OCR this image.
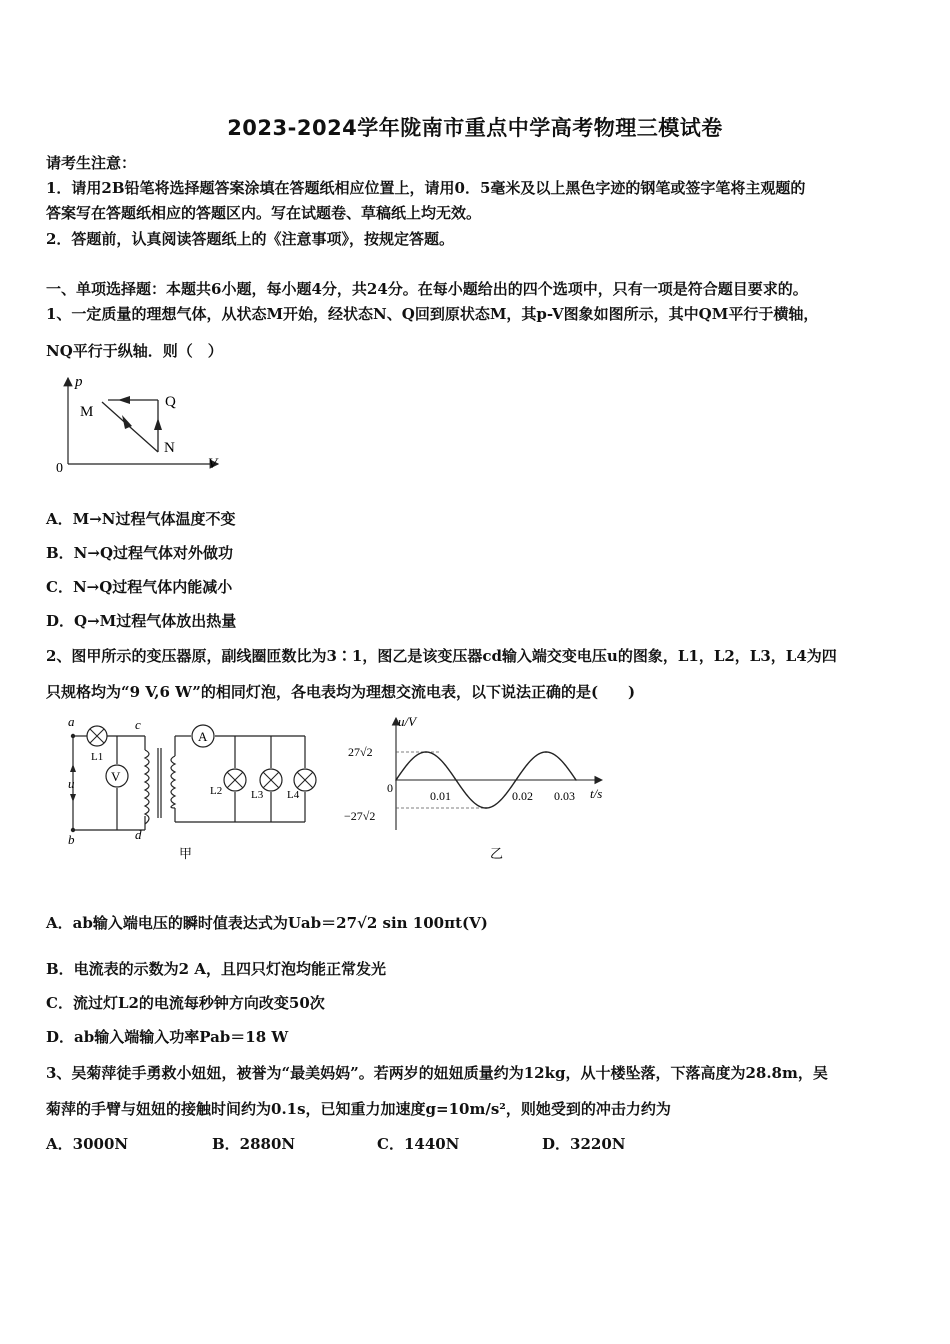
2023-2024学年陇南市重点中学高考物理三模试卷
请考生注意：
1．请用2B铅笔将选择题答案涂填在答题纸相应位置上，请用0．5毫米及以上黑色字迹的钢笔或签字笔将主观题的
答案写在答题纸相应的答题区内。写在试题卷、草稿纸上均无效。
2．答题前，认真阅读答题纸上的《注意事项》，按规定答题。
一、单项选择题：本题共6小题，每小题4分，共24分。在每小题给出的四个选项中，只有一项是符合题目要求的。
1、一定质量的理想气体，从状态M开始，经状态N、Q回到原状态M，其p-V图象如图所示，其中QM平行于横轴，
NQ平行于纵轴．则（　）
p
V
0
M
Q
N
A．M→N过程气体温度不变
B．N→Q过程气体对外做功
C．N→Q过程气体内能减小
D．Q→M过程气体放出热量
2、图甲所示的变压器原，副线圈匝数比为3∶1，图乙是该变压器cd输入端交变电压u的图象，L1，L2，L3，L4为四
只规格均为“9 V,6 W”的相同灯泡，各电表均为理想交流电表，以下说法正确的是(　　)
V
A
a
b
c
d
u
L1
L2	L3 L4
甲
u/V
t/s
0
27√2
−27√2
0.01	0.02 0.03
乙
A．ab输入端电压的瞬时值表达式为Uab＝27√2 sin 100πt(V)
B．电流表的示数为2 A，且四只灯泡均能正常发光
C．流过灯L2的电流每秒钟方向改变50次
D．ab输入端输入功率Pab＝18 W
3、吴菊萍徒手勇救小妞妞，被誉为“最美妈妈”。若两岁的妞妞质量约为12kg，从十楼坠落，下落高度为28.8m，吴
菊萍的手臂与妞妞的接触时间约为0.1s，已知重力加速度g=10m/s²，则她受到的冲击力约为
A．3000N	B．2880N	C．1440N	D．3220N
